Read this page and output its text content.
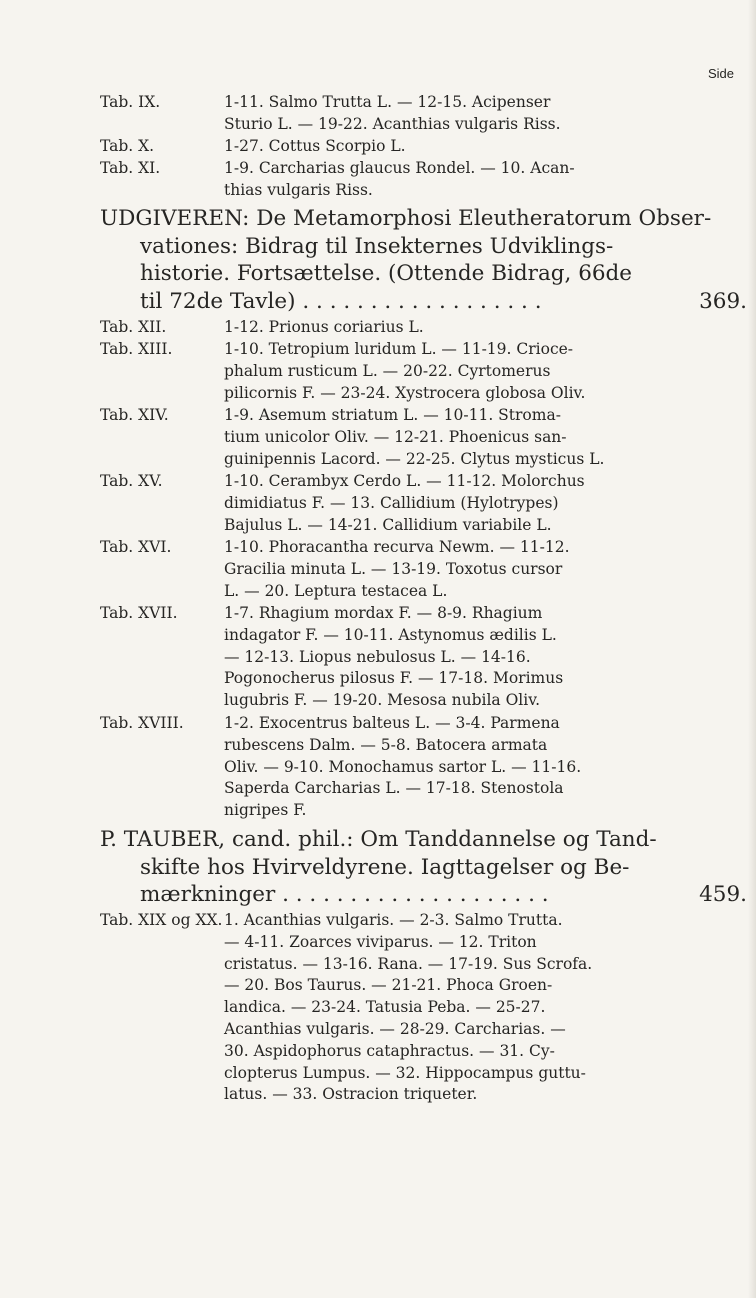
Side
Tab. IX.	1-11. Salmo Trutta L. — 12-15. Acipenser
Sturio L. — 19-22. Acanthias vulgaris Riss.
Tab. X.	1-27. Cottus Scorpio L.
Tab. XI.	1-9. Carcharias glaucus Rondel. — 10. Acan-
thias vulgaris Riss.
UDGIVEREN: De Metamorphosi Eleutheratorum Obser-
vationes: Bidrag til Insekternes Udviklings-
historie. Fortsættelse. (Ottende Bidrag, 66de
til 72de Tavle) . . . . . . . . . . . . . . . . . .	369.
Tab. XII.	1-12. Prionus coriarius L.
Tab. XIII.	1-10. Tetropium luridum L. — 11-19. Crioce-
phalum rusticum L. — 20-22. Cyrtomerus
pilicornis F. — 23-24. Xystrocera globosa Oliv.
Tab. XIV.	1-9. Asemum striatum L. — 10-11. Stroma-
tium unicolor Oliv. — 12-21. Phoenicus san-
guinipennis Lacord. — 22-25. Clytus mysticus L.
Tab. XV.	1-10. Cerambyx Cerdo L. — 11-12. Molorchus
dimidiatus F. — 13. Callidium (Hylotrypes)
Bajulus L. — 14-21. Callidium variabile L.
Tab. XVI.	1-10. Phoracantha recurva Newm. — 11-12.
Gracilia minuta L. — 13-19. Toxotus cursor
L. — 20. Leptura testacea L.
Tab. XVII.	1-7. Rhagium mordax F. — 8-9. Rhagium
indagator F. — 10-11. Astynomus ædilis L.
— 12-13. Liopus nebulosus L. — 14-16.
Pogonocherus pilosus F. — 17-18. Morimus
lugubris F. — 19-20. Mesosa nubila Oliv.
Tab. XVIII.	1-2. Exocentrus balteus L. — 3-4. Parmena
rubescens Dalm. — 5-8. Batocera armata
Oliv. — 9-10. Monochamus sartor L. — 11-16.
Saperda Carcharias L. — 17-18. Stenostola
nigripes F.
P. TAUBER, cand. phil.: Om Tanddannelse og Tand-
skifte hos Hvirveldyrene. Iagttagelser og Be-
mærkninger . . . . . . . . . . . . . . . . . . . .	459.
Tab. XIX og XX. 1. Acanthias vulgaris. — 2-3. Salmo Trutta.
— 4-11. Zoarces viviparus. — 12. Triton
cristatus. — 13-16. Rana. — 17-19. Sus Scrofa.
— 20. Bos Taurus. — 21-21. Phoca Groen-
landica. — 23-24. Tatusia Peba. — 25-27.
Acanthias vulgaris. — 28-29. Carcharias. —
30. Aspidophorus cataphractus. — 31. Cy-
clopterus Lumpus. — 32. Hippocampus guttu-
latus. — 33. Ostracion triqueter.
